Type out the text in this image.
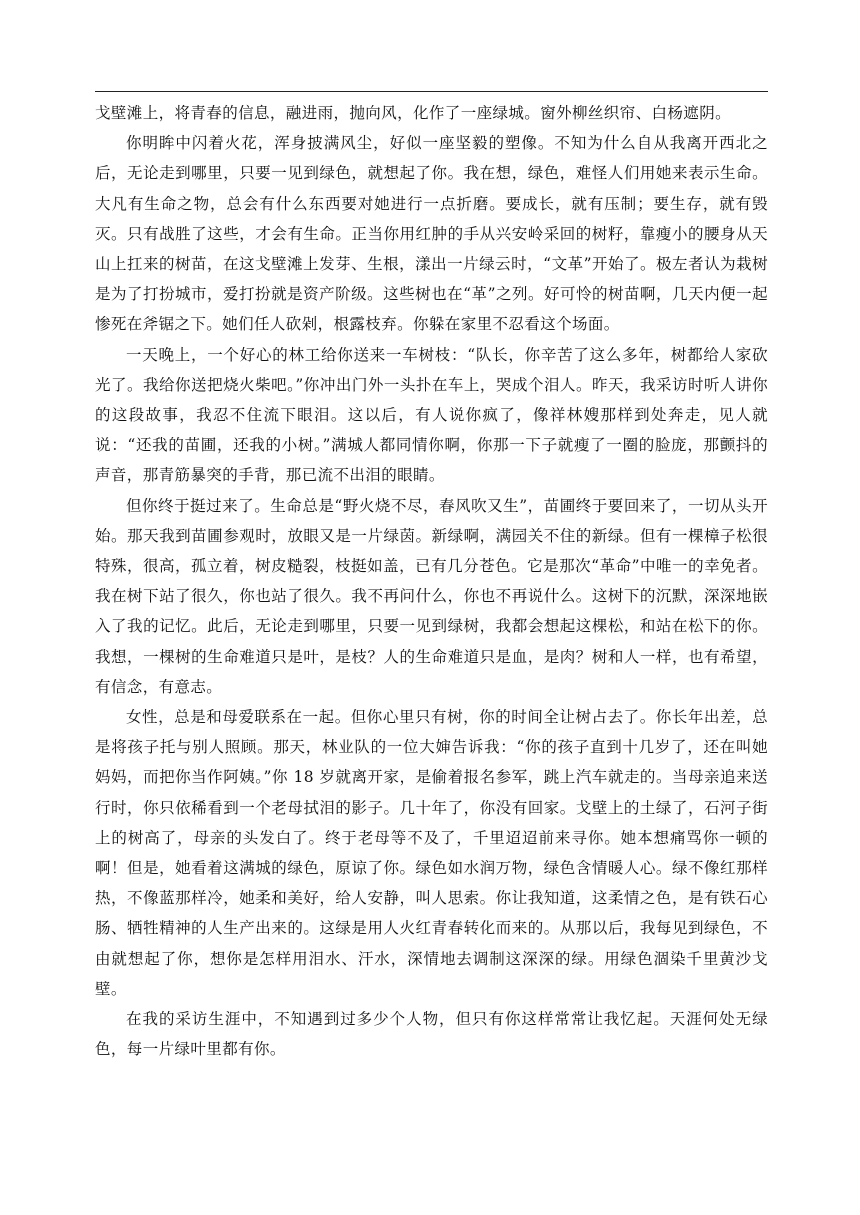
戈壁滩上，将青春的信息，融进雨，抛向风，化作了一座绿城。窗外柳丝织帘、白杨遮阴。

你明眸中闪着火花，浑身披满风尘，好似一座坚毅的塑像。不知为什么自从我离开西北之后，无论走到哪里，只要一见到绿色，就想起了你。我在想，绿色，难怪人们用她来表示生命。大凡有生命之物，总会有什么东西要对她进行一点折磨。要成长，就有压制；要生存，就有毁灭。只有战胜了这些，才会有生命。正当你用红肿的手从兴安岭采回的树籽，靠瘦小的腰身从天山上扛来的树苗，在这戈壁滩上发芽、生根，漾出一片绿云时，“文革”开始了。极左者认为栽树是为了打扮城市，爱打扮就是资产阶级。这些树也在“革”之列。好可怜的树苗啊，几天内便一起惨死在斧锯之下。她们任人砍剁，根露枝弃。你躲在家里不忍看这个场面。

一天晚上，一个好心的林工给你送来一车树枝：“队长，你辛苦了这么多年，树都给人家砍光了。我给你送把烧火柴吧。”你冲出门外一头扑在车上，哭成个泪人。昨天，我采访时听人讲你的这段故事，我忍不住流下眼泪。这以后，有人说你疯了，像祥林嫂那样到处奔走，见人就说：“还我的苗圃，还我的小树。”满城人都同情你啊，你那一下子就瘦了一圈的脸庞，那颤抖的声音，那青筋暴突的手背，那已流不出泪的眼睛。

但你终于挺过来了。生命总是“野火烧不尽，春风吹又生”，苗圃终于要回来了，一切从头开始。那天我到苗圃参观时，放眼又是一片绿茵。新绿啊，满园关不住的新绿。但有一棵樟子松很特殊，很高，孤立着，树皮糙裂，枝挺如盖，已有几分苍色。它是那次“革命”中唯一的幸免者。我在树下站了很久，你也站了很久。我不再问什么，你也不再说什么。这树下的沉默，深深地嵌入了我的记忆。此后，无论走到哪里，只要一见到绿树，我都会想起这棵松，和站在松下的你。我想，一棵树的生命难道只是叶，是枝？人的生命难道只是血，是肉？树和人一样，也有希望，有信念，有意志。

女性，总是和母爱联系在一起。但你心里只有树，你的时间全让树占去了。你长年出差，总是将孩子托与别人照顾。那天，林业队的一位大婶告诉我：“你的孩子直到十几岁了，还在叫她妈妈，而把你当作阿姨。”你 18 岁就离开家，是偷着报名参军，跳上汽车就走的。当母亲追来送行时，你只依稀看到一个老母拭泪的影子。几十年了，你没有回家。戈壁上的土绿了，石河子街上的树高了，母亲的头发白了。终于老母等不及了，千里迢迢前来寻你。她本想痛骂你一顿的啊！但是，她看着这满城的绿色，原谅了你。绿色如水润万物，绿色含情暖人心。绿不像红那样热，不像蓝那样冷，她柔和美好，给人安静，叫人思索。你让我知道，这柔情之色，是有铁石心肠、牺牲精神的人生产出来的。这绿是用人火红青春转化而来的。从那以后，我每见到绿色，不由就想起了你，想你是怎样用泪水、汗水，深情地去调制这深深的绿。用绿色涸染千里黄沙戈壁。

在我的采访生涯中，不知遇到过多少个人物，但只有你这样常常让我忆起。天涯何处无绿色，每一片绿叶里都有你。
